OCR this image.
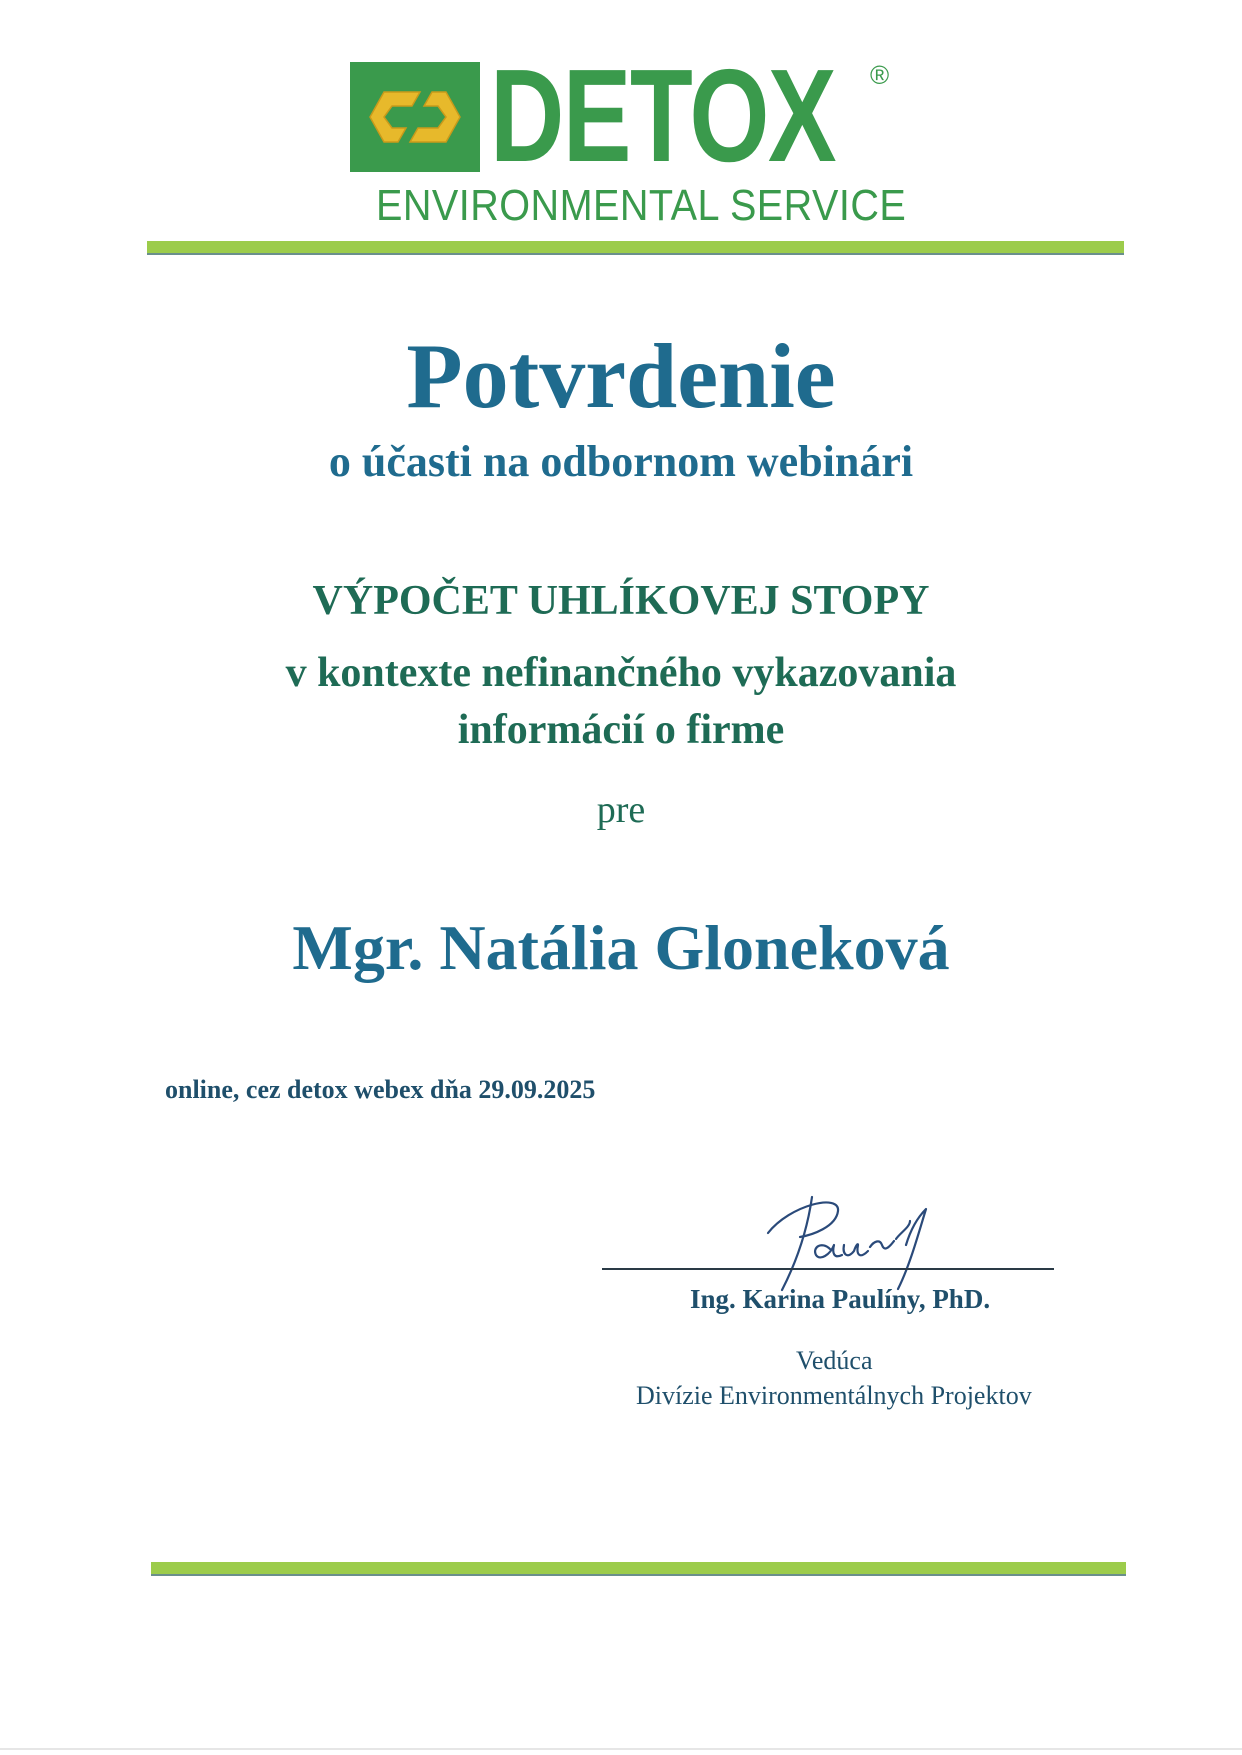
DETOX ®
ENVIRONMENTAL SERVICE
Potvrdenie
o účasti na odbornom webinári
VÝPOČET UHLÍKOVEJ STOPY
v kontexte nefinančného vykazovania
informácií o firme
pre
Mgr. Natália Gloneková
online, cez detox webex dňa 29.09.2025
Ing. Karina Paulíny, PhD.
Vedúca
Divízie Environmentálnych Projektov
